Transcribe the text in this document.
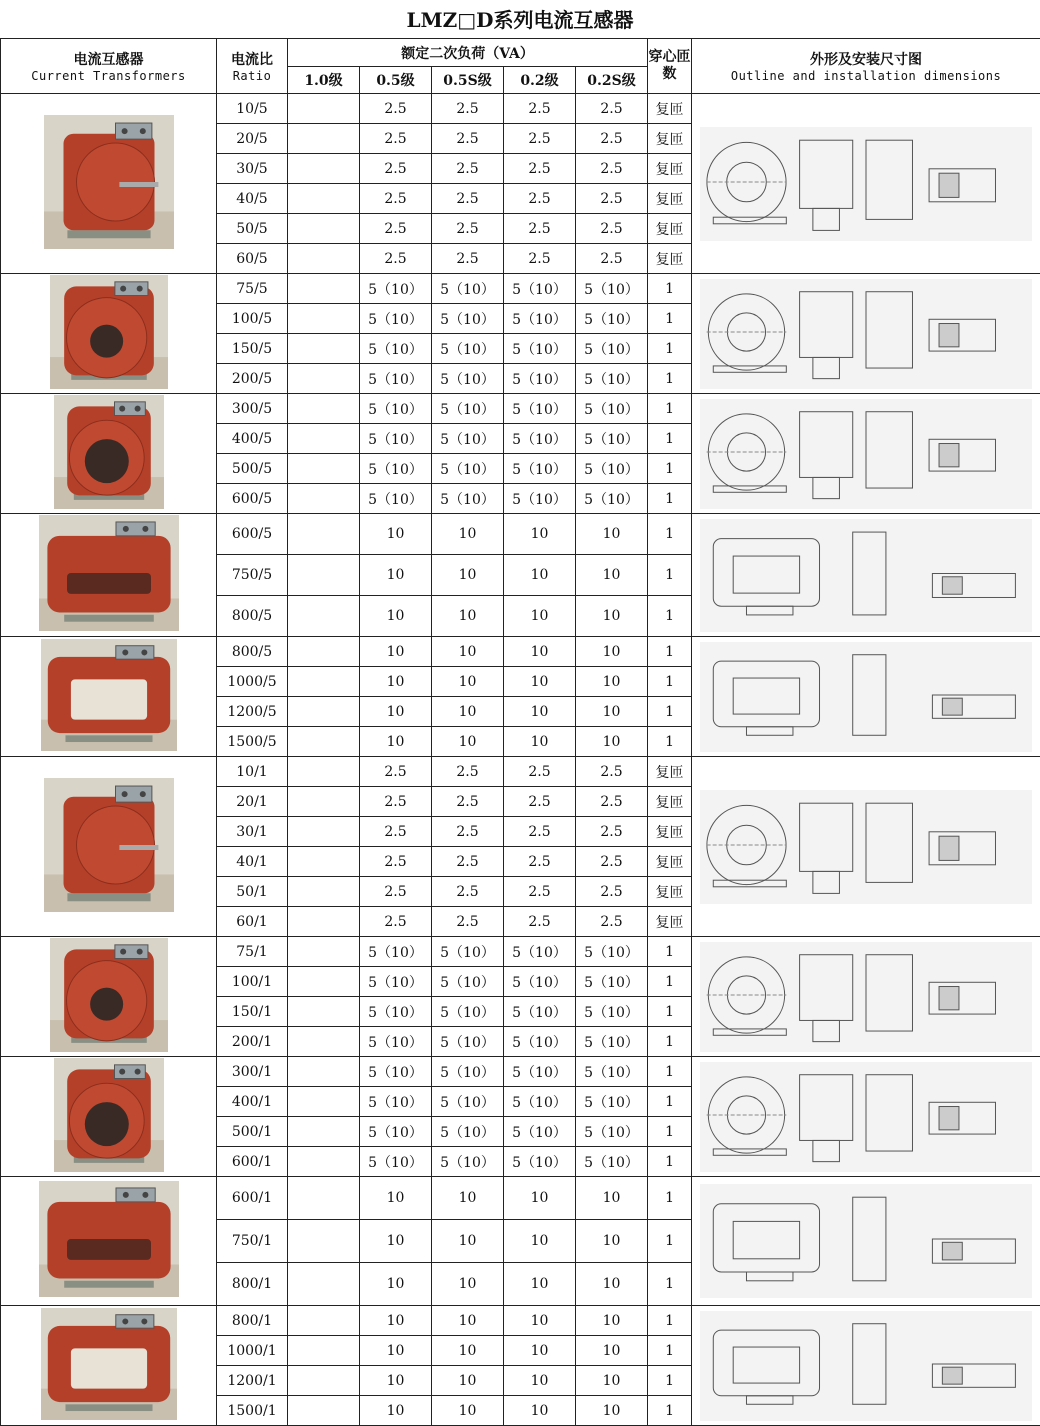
LMZ□D系列电流互感器
电流互感器
Current Transformers	电流比
Ratio	额定二次负荷（VA）					穿心匝数	外形及安装尺寸图
Outline and installation dimensions

		1.0级	0.5级	0.5S级	0.2级	0.2S级		

	10/5		2.5	2.5	2.5	2.5	复匝	

	20/5		2.5	2.5	2.5	2.5	复匝	
	30/5		2.5	2.5	2.5	2.5	复匝	
	40/5		2.5	2.5	2.5	2.5	复匝	
	50/5		2.5	2.5	2.5	2.5	复匝	
	60/5		2.5	2.5	2.5	2.5	复匝	

	75/5		5（10）	5（10）	5（10）	5（10）	1	

	100/5		5（10）	5（10）	5（10）	5（10）	1	
	150/5		5（10）	5（10）	5（10）	5（10）	1	
	200/5		5（10）	5（10）	5（10）	5（10）	1	

	300/5		5（10）	5（10）	5（10）	5（10）	1	

	400/5		5（10）	5（10）	5（10）	5（10）	1	
	500/5		5（10）	5（10）	5（10）	5（10）	1	
	600/5		5（10）	5（10）	5（10）	5（10）	1	

	600/5		10	10	10	10	1	

	750/5		10	10	10	10	1	
	800/5		10	10	10	10	1	

	800/5		10	10	10	10	1	

	1000/5		10	10	10	10	1	
	1200/5		10	10	10	10	1	
	1500/5		10	10	10	10	1	

	10/1		2.5	2.5	2.5	2.5	复匝	

	20/1		2.5	2.5	2.5	2.5	复匝	
	30/1		2.5	2.5	2.5	2.5	复匝	
	40/1		2.5	2.5	2.5	2.5	复匝	
	50/1		2.5	2.5	2.5	2.5	复匝	
	60/1		2.5	2.5	2.5	2.5	复匝	

	75/1		5（10）	5（10）	5（10）	5（10）	1	

	100/1		5（10）	5（10）	5（10）	5（10）	1	
	150/1		5（10）	5（10）	5（10）	5（10）	1	
	200/1		5（10）	5（10）	5（10）	5（10）	1	

	300/1		5（10）	5（10）	5（10）	5（10）	1	

	400/1		5（10）	5（10）	5（10）	5（10）	1	
	500/1		5（10）	5（10）	5（10）	5（10）	1	
	600/1		5（10）	5（10）	5（10）	5（10）	1	

	600/1		10	10	10	10	1	

	750/1		10	10	10	10	1	
	800/1		10	10	10	10	1	

	800/1		10	10	10	10	1	

	1000/1		10	10	10	10	1	
	1200/1		10	10	10	10	1	
	1500/1		10	10	10	10	1	
